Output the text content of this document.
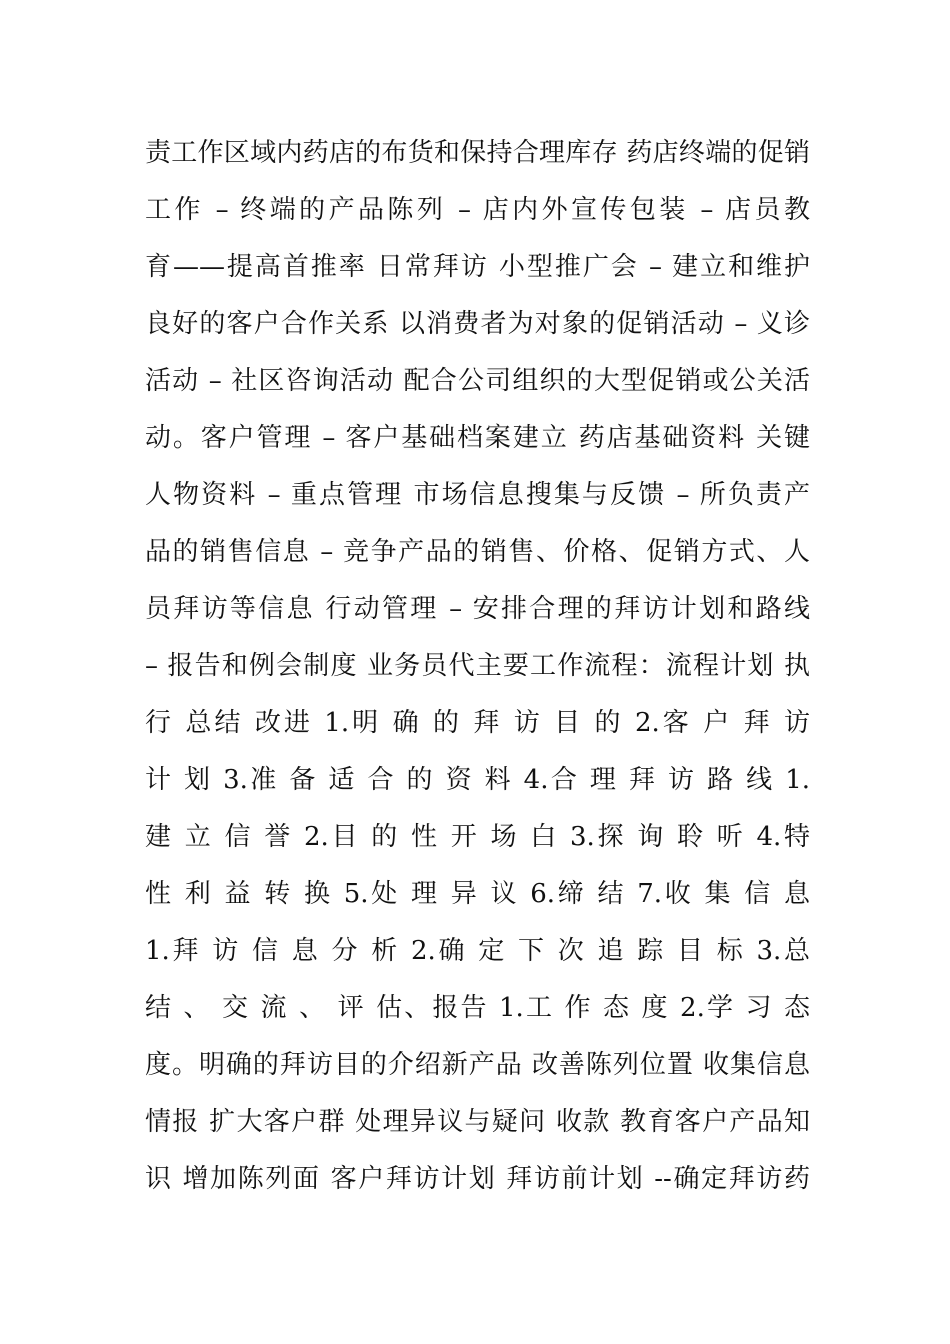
责工作区域内药店的布货和保持合理库存 药店终端的促销
工作 – 终端的产品陈列 – 店内外宣传包装 – 店员教
育——提高首推率 日常拜访 小型推广会 – 建立和维护
良好的客户合作关系 以消费者为对象的促销活动 – 义诊
活动 – 社区咨询活动 配合公司组织的大型促销或公关活
动。客户管理 – 客户基础档案建立 药店基础资料 关键
人物资料 – 重点管理 市场信息搜集与反馈 – 所负责产
品的销售信息 – 竞争产品的销售、价格、促销方式、人
员拜访等信息 行动管理 – 安排合理的拜访计划和路线
– 报告和例会制度 业务员代主要工作流程：流程计划 执
行 总结 改进 1.明 确 的 拜 访 目 的 2.客 户 拜 访
计 划 3.准 备 适 合 的 资 料 4.合 理 拜 访 路 线 1.
建 立 信 誉 2.目 的 性 开 场 白 3.探 询 聆 听 4.特
性 利 益 转 换 5.处 理 异 议 6.缔 结 7.收 集 信 息
1.拜 访 信 息 分 析 2.确 定 下 次 追 踪 目 标 3.总
结 、 交 流 、 评 估、报告 1.工 作 态 度 2.学 习 态
度。明确的拜访目的介绍新产品 改善陈列位置 收集信息
情报 扩大客户群 处理异议与疑问 收款 教育客户产品知
识 增加陈列面 客户拜访计划 拜访前计划 --确定拜访药
